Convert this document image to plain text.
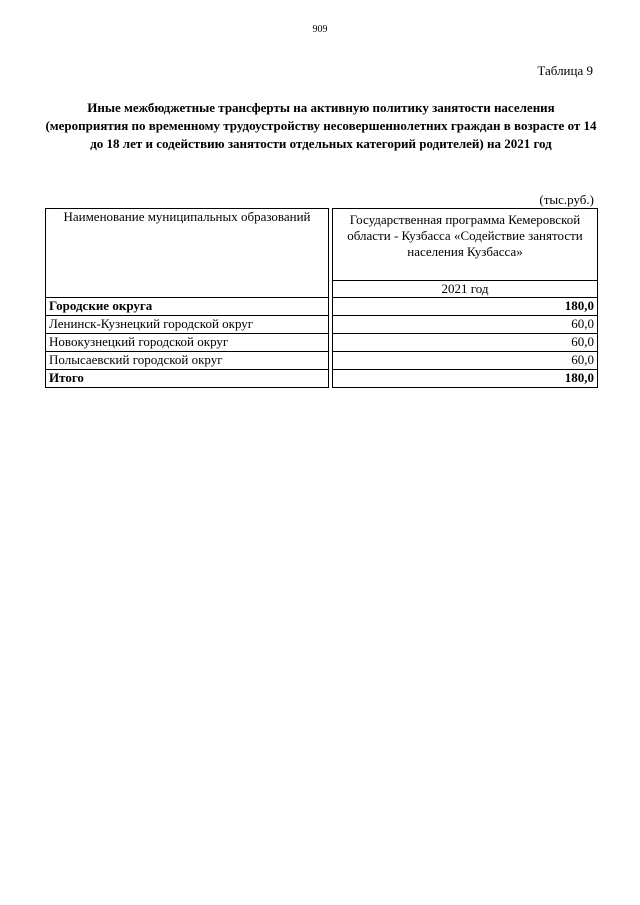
909
Таблица 9
Иные межбюджетные трансферты на активную политику занятости населения (мероприятия по временному трудоустройству несовершеннолетних граждан в возрасте от 14 до 18 лет и содействию занятости отдельных категорий родителей) на 2021 год
(тыс.руб.)
Наименование муниципальных образований		Государственная программа Кемеровской области - Кузбасса «Содействие занятости населения Кузбасса»
		2021 год
Городские округа		180,0
Ленинск-Кузнецкий городской округ		60,0
Новокузнецкий городской округ		60,0
Полысаевский городской округ		60,0
Итого		180,0
